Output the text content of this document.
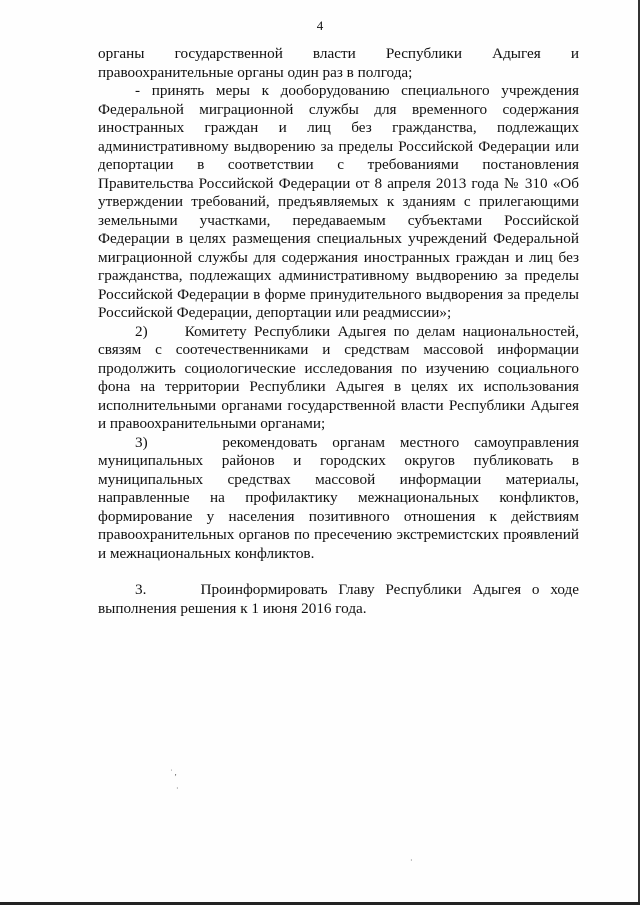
4

органы государственной власти Республики Адыгея и правоохранительные органы один раз в полгода;

- принять меры к дооборудованию специального учреждения Федеральной миграционной службы для временного содержания иностранных граждан и лиц без гражданства, подлежащих административному выдворению за пределы Российской Федерации или депортации в соответствии с требованиями постановления Правительства Российской Федерации от 8 апреля 2013 года № 310 «Об утверждении требований, предъявляемых к зданиям с прилегающими земельными участками, передаваемым субъектами Российской Федерации в целях размещения специальных учреждений Федеральной миграционной службы для содержания иностранных граждан и лиц без гражданства, подлежащих административному выдворению за пределы Российской Федерации в форме принудительного выдворения за пределы Российской Федерации, депортации или реадмиссии»;

2)     Комитету Республики Адыгея по делам национальностей, связям с соотечественниками и средствам массовой информации продолжить социологические исследования по изучению социального фона на территории Республики Адыгея в целях их использования исполнительными органами государственной власти Республики Адыгея и правоохранительными органами;

3)     рекомендовать органам местного самоуправления муниципальных районов и городских округов публиковать в муниципальных средствах массовой информации материалы, направленные на профилактику межнациональных конфликтов, формирование у населения позитивного отношения к действиям правоохранительных органов по пресечению экстремистских проявлений и межнациональных конфликтов.

3.     Проинформировать Главу Республики Адыгея о ходе выполнения решения к 1 июня 2016 года.

˙ ,
·
·
